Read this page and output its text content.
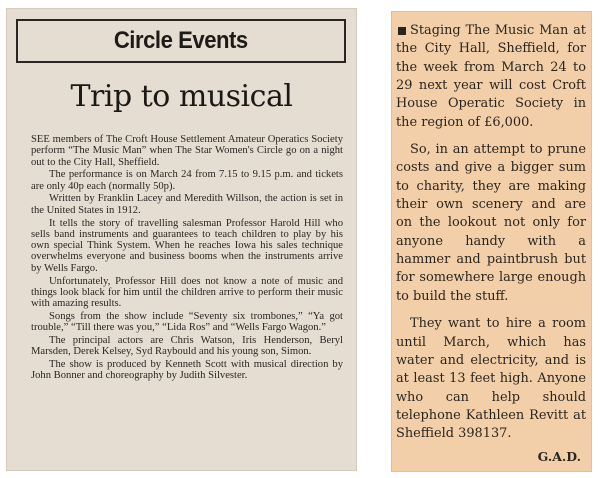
Circle Events
Trip to musical

SEE members of The Croft House Settlement Amateur Operatics Society perform “The Music Man” when The Star Women's Circle go on a night out to the City Hall, Sheffield.

The performance is on March 24 from 7.15 to 9.15 p.m. and tickets are only 40p each (normally 50p).

Written by Franklin Lacey and Meredith Willson, the action is set in the United States in 1912.

It tells the story of travelling salesman Professor Harold Hill who sells band instruments and guarantees to teach children to play by his own special Think System. When he reaches Iowa his sales technique overwhelms everyone and business booms when the instruments arrive by Wells Fargo.

Unfortunately, Professor Hill does not know a note of music and things look black for him until the children arrive to perform their music with amazing results.

Songs from the show include “Seventy six trombones,” “Ya got trouble,” “Till there was you,” “Lida Ros” and “Wells Fargo Wagon.”

The principal actors are Chris Watson, Iris Henderson, Beryl Marsden, Derek Kelsey, Syd Raybould and his young son, Simon.

The show is produced by Kenneth Scott with musical direction by John Bonner and choreography by Judith Silvester.

Staging The Music Man at the City Hall, Sheffield, for the week from March 24 to 29 next year will cost Croft House Operatic Society in the region of £6,000.

So, in an attempt to prune costs and give a bigger sum to charity, they are making their own scenery and are on the lookout not only for anyone handy with a hammer and paintbrush but for somewhere large enough to build the stuff.

They want to hire a room until March, which has water and electricity, and is at least 13 feet high. Anyone who can help should telephone Kathleen Revitt at Sheffield 398137.

G.A.D.
